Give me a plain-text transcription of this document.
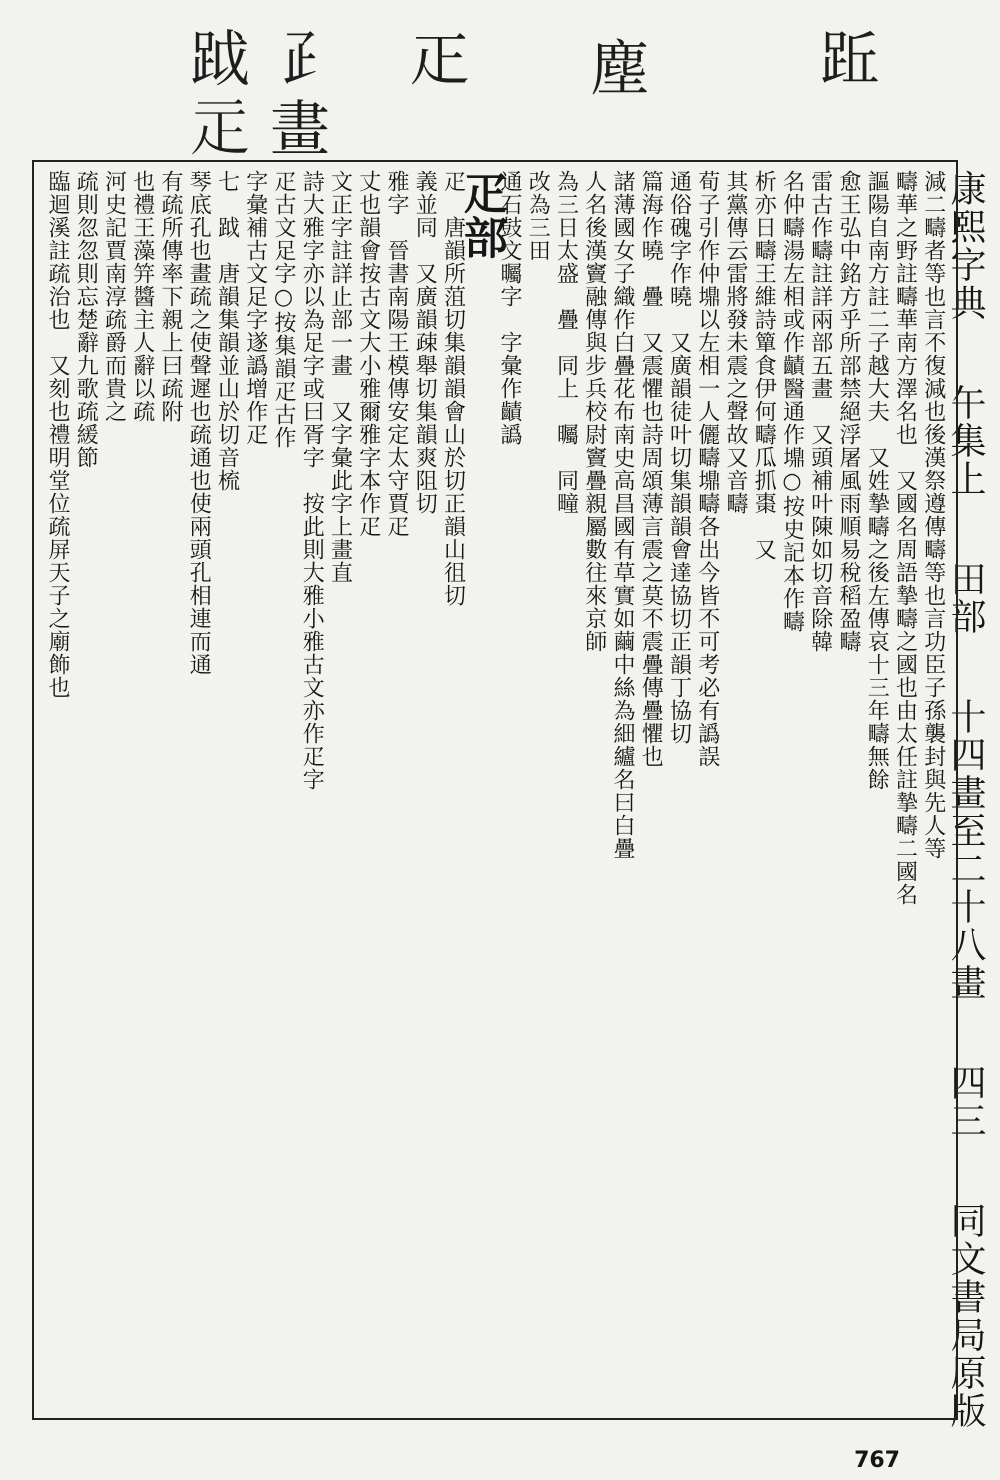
䟬
塵
𤴓
𤴔
畫
䟠
𤴕
康熙字典
午集上
田部
十四畫至二十八畫
四三
同文書局原版
減二疇者等也言不復減也後漢祭遵傳疇等也言功臣子孫襲封與先人等
疇華之野註疇華南方澤名也　又國名周語摯疇之國也由太任註摯疇二國名
謳陽自南方註二子越大夫　又姓摯疇之後左傳哀十三年疇無餘
愈王弘中銘方乎所部禁絕浮屠風雨順易稅稻盈疇
雷古作疇註詳兩部五畫　又頭補叶陳如切音除韓
名仲疇湯左相或作䶦醫通作䵺○按史記本作疇
析亦日疇王維詩簞食伊何疇瓜抓棗　又
其黨傳云雷將發未震之聲故又音疇
荀子引作仲䵺以左相一人儷疇䵺疇各出今皆不可考必有譌誤
通俗磈字作曉　又廣韻徒叶切集韻韻會達協切正韻丁協切
篇海作曉　疊　又震懼也詩周頌薄言震之莫不震疊傳疊懼也
諸薄國女子織作白疊花布南史高昌國有草實如繭中絲為細纑名曰白疊
人名後漢竇融傳與步兵校尉竇疊親屬數往來京師
為三日太盛　疊　同上　曯　同疃
改為三田
通石鼓文曯字　字彙作䶦譌
疋部
疋　唐韻所菹切集韻韻會山於切正韻山徂切
義並同　又廣韻疎舉切集韻爽阻切
雅字　晉書南陽王模傳安定太守賈疋
丈也韻會按古文大小雅爾雅字本作疋
文正字註詳止部一畫　又字彙此字上畫直
詩大雅字亦以為足字或曰胥字　按此則大雅小雅古文亦作疋字
疋古文足字○按集韻疋古作
字彙補古文足字遂譌增作疋
七　䟠　唐韻集韻並山於切音梳
琴底孔也畫疏之使聲遲也疏通也使兩頭孔相連而通
有疏所傳率下親上曰疏附
也禮王藻笄醬主人辭以疏
河史記賈南淳疏爵而貴之
疏則忽忽則忘楚辭九歌疏緩節
臨迴溪註疏治也　又刻也禮明堂位疏屏天子之廟飾也
767
